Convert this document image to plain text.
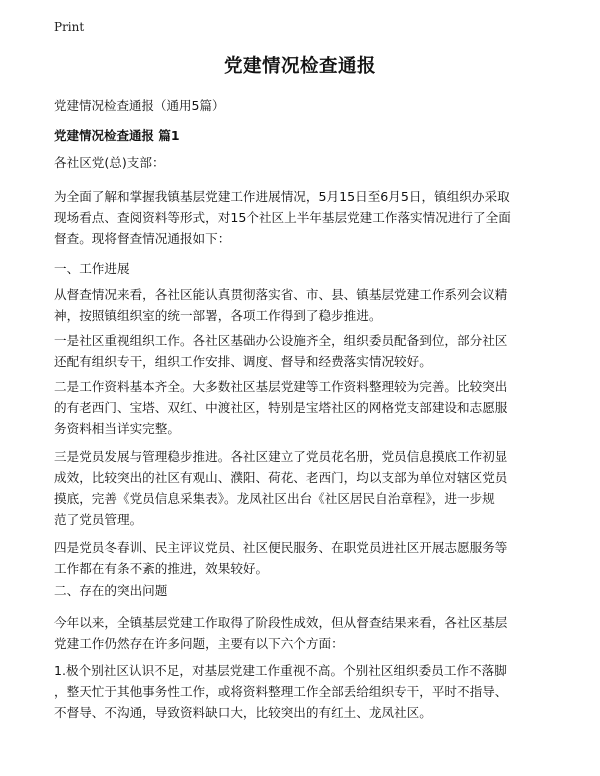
Print
党建情况检查通报
党建情况检查通报（通用5篇）
党建情况检查通报 篇1
各社区党(总)支部：
为全面了解和掌握我镇基层党建工作进展情况，5月15日至6月5日，镇组织办采取
现场看点、查阅资料等形式，对15个社区上半年基层党建工作落实情况进行了全面
督查。现将督查情况通报如下：
一、工作进展
从督查情况来看，各社区能认真贯彻落实省、市、县、镇基层党建工作系列会议精
神，按照镇组织室的统一部署，各项工作得到了稳步推进。
一是社区重视组织工作。各社区基础办公设施齐全，组织委员配备到位，部分社区
还配有组织专干，组织工作安排、调度、督导和经费落实情况较好。
二是工作资料基本齐全。大多数社区基层党建等工作资料整理较为完善。比较突出
的有老西门、宝塔、双红、中渡社区，特别是宝塔社区的网格党支部建设和志愿服
务资料相当详实完整。
三是党员发展与管理稳步推进。各社区建立了党员花名册，党员信息摸底工作初显
成效，比较突出的社区有观山、濮阳、荷花、老西门，均以支部为单位对辖区党员
摸底，完善《党员信息采集表》。龙凤社区出台《社区居民自治章程》，进一步规
范了党员管理。
四是党员冬春训、民主评议党员、社区便民服务、在职党员进社区开展志愿服务等
工作都在有条不紊的推进，效果较好。
二、存在的突出问题
今年以来，全镇基层党建工作取得了阶段性成效，但从督查结果来看，各社区基层
党建工作仍然存在许多问题，主要有以下六个方面：
1.极个别社区认识不足，对基层党建工作重视不高。个别社区组织委员工作不落脚
，整天忙于其他事务性工作，或将资料整理工作全部丢给组织专干，平时不指导、
不督导、不沟通，导致资料缺口大，比较突出的有红土、龙凤社区。
